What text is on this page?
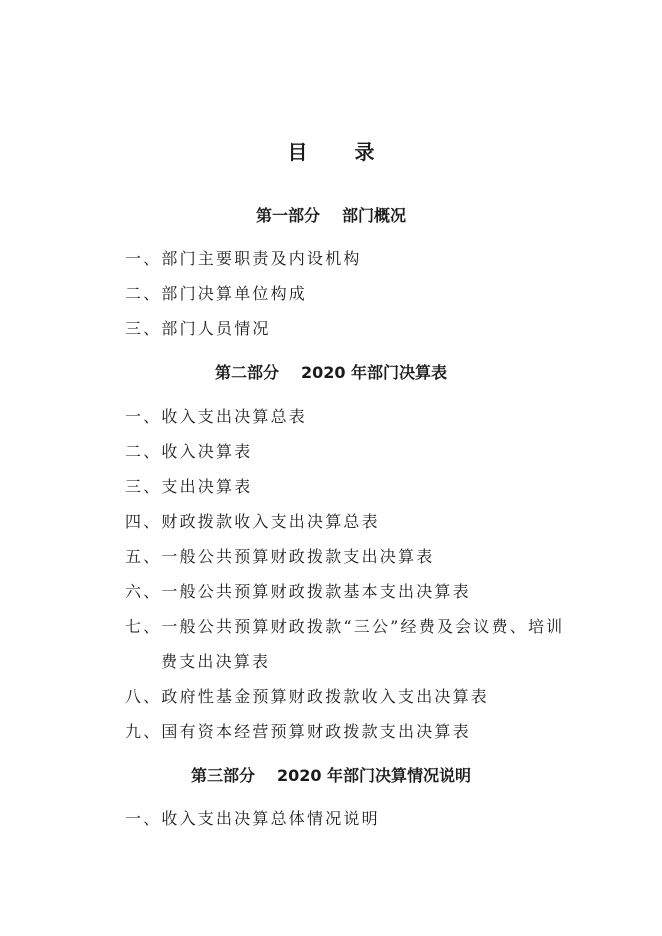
目 录
第一部分 部门概况
一、部门主要职责及内设机构
二、部门决算单位构成
三、部门人员情况
第二部分 2020 年部门决算表
一、收入支出决算总表
二、收入决算表
三、支出决算表
四、财政拨款收入支出决算总表
五、一般公共预算财政拨款支出决算表
六、一般公共预算财政拨款基本支出决算表
七、一般公共预算财政拨款“三公”经费及会议费、培训
费支出决算表
八、政府性基金预算财政拨款收入支出决算表
九、国有资本经营预算财政拨款支出决算表
第三部分 2020 年部门决算情况说明
一、收入支出决算总体情况说明
